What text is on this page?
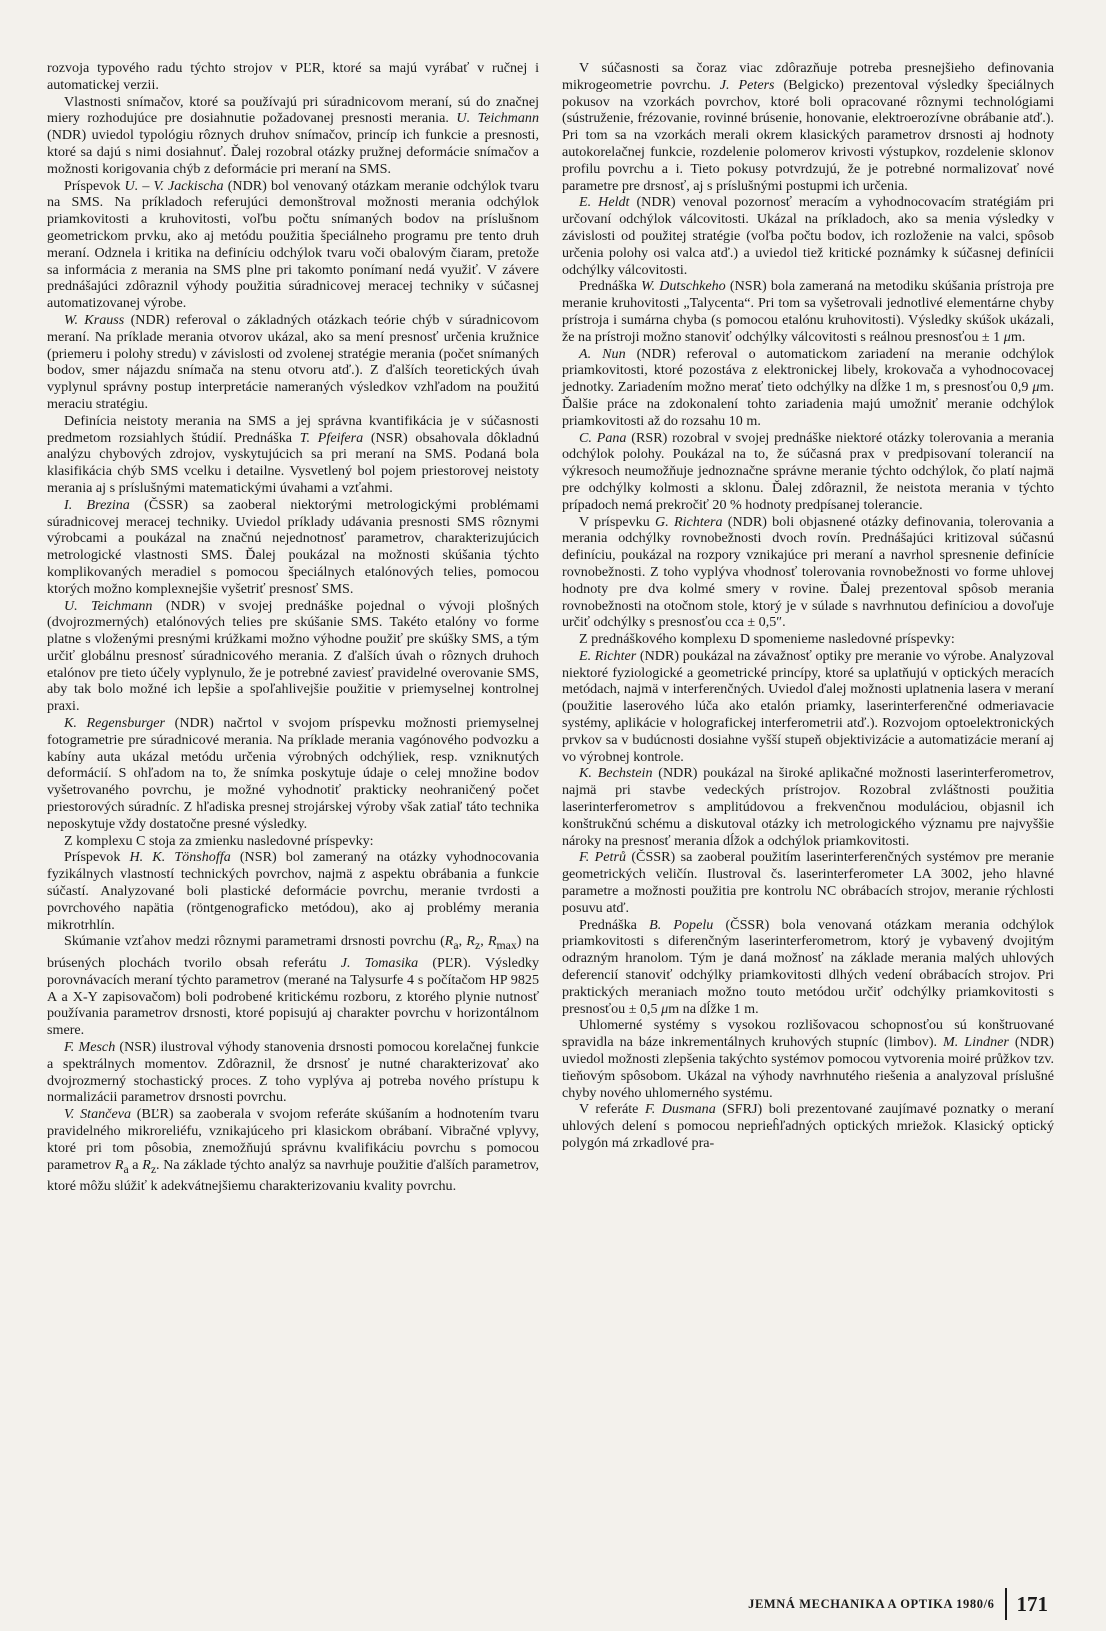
rozvoja typového radu týchto strojov v PĽR, ktoré sa majú vyrábať v ručnej i automatickej verzii.

Vlastnosti snímačov, ktoré sa používajú pri súradnicovom meraní, sú do značnej miery rozhodujúce pre dosiahnutie požadovanej presnosti merania. U. Teichmann (NDR) uviedol typológiu rôznych druhov snímačov, princíp ich funkcie a presnosti, ktoré sa dajú s nimi dosiahnuť. Ďalej rozobral otázky pružnej deformácie snímačov a možnosti korigovania chýb z deformácie pri meraní na SMS.

Príspevok U. – V. Jackischa (NDR) bol venovaný otázkam meranie odchýlok tvaru na SMS. Na príkladoch referujúci demonštroval možnosti merania odchýlok priamkovitosti a kruhovitosti, voľbu počtu snímaných bodov na príslušnom geometrickom prvku, ako aj metódu použitia špeciálneho programu pre tento druh meraní. Odznela i kritika na definíciu odchýlok tvaru voči obalovým čiaram, pretože sa informácia z merania na SMS plne pri takomto ponímaní nedá využiť. V závere prednášajúci zdôraznil výhody použitia súradnicovej meracej techniky v súčasnej automatizovanej výrobe.

W. Krauss (NDR) referoval o základných otázkach teórie chýb v súradnicovom meraní. Na príklade merania otvorov ukázal, ako sa mení presnosť určenia kružnice (priemeru i polohy stredu) v závislosti od zvolenej stratégie merania (počet snímaných bodov, smer nájazdu snímača na stenu otvoru atď.). Z ďalších teoretických úvah vyplynul správny postup interpretácie nameraných výsledkov vzhľadom na použitú meraciu stratégiu.

Definícia neistoty merania na SMS a jej správna kvantifikácia je v súčasnosti predmetom rozsiahlych štúdií. Prednáška T. Pfeifera (NSR) obsahovala dôkladnú analýzu chybových zdrojov, vyskytujúcich sa pri meraní na SMS. Podaná bola klasifikácia chýb SMS vcelku i detailne. Vysvetlený bol pojem priestorovej neistoty merania aj s príslušnými matematickými úvahami a vzťahmi.

I. Brezina (ČSSR) sa zaoberal niektorými metrologickými problémami súradnicovej meracej techniky. Uviedol príklady udávania presnosti SMS rôznymi výrobcami a poukázal na značnú nejednotnosť parametrov, charakterizujúcich metrologické vlastnosti SMS. Ďalej poukázal na možnosti skúšania týchto komplikovaných meradiel s pomocou špeciálnych etalónových telies, pomocou ktorých možno komplexnejšie vyšetriť presnosť SMS.

U. Teichmann (NDR) v svojej prednáške pojednal o vývoji plošných (dvojrozmerných) etalónových telies pre skúšanie SMS. Takéto etalóny vo forme platne s vloženými presnými krúžkami možno výhodne použiť pre skúšky SMS, a tým určiť globálnu presnosť súradnicového merania. Z ďalších úvah o rôznych druhoch etalónov pre tieto účely vyplynulo, že je potrebné zaviesť pravidelné overovanie SMS, aby tak bolo možné ich lepšie a spoľahlivejšie použitie v priemyselnej kontrolnej praxi.

K. Regensburger (NDR) načrtol v svojom príspevku možnosti priemyselnej fotogrametrie pre súradnicové merania. Na príklade merania vagónového podvozku a kabíny auta ukázal metódu určenia výrobných odchýliek, resp. vzniknutých deformácií. S ohľadom na to, že snímka poskytuje údaje o celej množine bodov vyšetrovaného povrchu, je možné vyhodnotiť prakticky neohraničený počet priestorových súradníc. Z hľadiska presnej strojárskej výroby však zatiaľ táto technika neposkytuje vždy dostatočne presné výsledky.

Z komplexu C stoja za zmienku nasledovné príspevky:

Príspevok H. K. Tönshoffa (NSR) bol zameraný na otázky vyhodnocovania fyzikálnych vlastností technických povrchov, najmä z aspektu obrábania a funkcie súčastí. Analyzované boli plastické deformácie povrchu, meranie tvrdosti a povrchového napätia (röntgenograficko metódou), ako aj problémy merania mikrotrhlín.

Skúmanie vzťahov medzi rôznymi parametrami drsnosti povrchu ($R_a$, $R_z$, $R_{max}$) na brúsených plochách tvorilo obsah referátu J. Tomasika (PĽR). Výsledky porovnávacích meraní týchto parametrov (merané na Talysurfe 4 s počítačom HP 9825 A a X-Y zapisovačom) boli podrobené kritickému rozboru, z ktorého plynie nutnosť používania parametrov drsnosti, ktoré popisujú aj charakter povrchu v horizontálnom smere.

F. Mesch (NSR) ilustroval výhody stanovenia drsnosti pomocou korelačnej funkcie a spektrálnych momentov. Zdôraznil, že drsnosť je nutné charakterizovať ako dvojrozmerný stochastický proces. Z toho vyplýva aj potreba nového prístupu k normalizácii parametrov drsnosti povrchu.

V. Stančeva (BĽR) sa zaoberala v svojom referáte skúšaním a hodnotením tvaru pravidelného mikroreliéfu, vznikajúceho pri klasickom obrábaní. Vibračné vplyvy, ktoré pri tom pôsobia, znemožňujú správnu kvalifikáciu povrchu s pomocou parametrov $R_a$ a $R_z$. Na základe týchto analýz sa navrhuje použitie ďalších parametrov, ktoré môžu slúžiť k adekvátnejšiemu charakterizovaniu kvality povrchu.

V súčasnosti sa čoraz viac zdôrazňuje potreba presnejšieho definovania mikrogeometrie povrchu. J. Peters (Belgicko) prezentoval výsledky špeciálnych pokusov na vzorkách povrchov, ktoré boli opracované rôznymi technológiami (sústruženie, frézovanie, rovinné brúsenie, honovanie, elektroerozívne obrábanie atď.). Pri tom sa na vzorkách merali okrem klasických parametrov drsnosti aj hodnoty autokorelačnej funkcie, rozdelenie polomerov krivosti výstupkov, rozdelenie sklonov profilu povrchu a i. Tieto pokusy potvrdzujú, že je potrebné normalizovať nové parametre pre drsnosť, aj s príslušnými postupmi ich určenia.

E. Heldt (NDR) venoval pozornosť meracím a vyhodnocovacím stratégiám pri určovaní odchýlok válcovitosti. Ukázal na príkladoch, ako sa menia výsledky v závislosti od použitej stratégie (voľba počtu bodov, ich rozloženie na valci, spôsob určenia polohy osi valca atď.) a uviedol tiež kritické poznámky k súčasnej definícii odchýlky válcovitosti.

Prednáška W. Dutschkeho (NSR) bola zameraná na metodiku skúšania prístroja pre meranie kruhovitosti „Talycenta“. Pri tom sa vyšetrovali jednotlivé elementárne chyby prístroja i sumárna chyba (s pomocou etalónu kruhovitosti). Výsledky skúšok ukázali, že na prístroji možno stanoviť odchýlky válcovitosti s reálnou presnosťou ± 1 μm.

A. Nun (NDR) referoval o automatickom zariadení na meranie odchýlok priamkovitosti, ktoré pozostáva z elektronickej libely, krokovača a vyhodnocovacej jednotky. Zariadením možno merať tieto odchýlky na dĺžke 1 m, s presnosťou 0,9 μm. Ďalšie práce na zdokonalení tohto zariadenia majú umožniť meranie odchýlok priamkovitosti až do rozsahu 10 m.

C. Pana (RSR) rozobral v svojej prednáške niektoré otázky tolerovania a merania odchýlok polohy. Poukázal na to, že súčasná prax v predpisovaní tolerancií na výkresoch neumožňuje jednoznačne správne meranie týchto odchýlok, čo platí najmä pre odchýlky kolmosti a sklonu. Ďalej zdôraznil, že neistota merania v týchto prípadoch nemá prekročiť 20 % hodnoty predpísanej tolerancie.

V príspevku G. Richtera (NDR) boli objasnené otázky definovania, tolerovania a merania odchýlky rovnobežnosti dvoch rovín. Prednášajúci kritizoval súčasnú definíciu, poukázal na rozpory vznikajúce pri meraní a navrhol spresnenie definície rovnobežnosti. Z toho vyplýva vhodnosť tolerovania rovnobežnosti vo forme uhlovej hodnoty pre dva kolmé smery v rovine. Ďalej prezentoval spôsob merania rovnobežnosti na otočnom stole, ktorý je v súlade s navrhnutou definíciou a dovoľuje určiť odchýlky s presnosťou cca ± 0,5″.

Z prednáškového komplexu D spomenieme nasledovné príspevky:

E. Richter (NDR) poukázal na závažnosť optiky pre meranie vo výrobe. Analyzoval niektoré fyziologické a geometrické princípy, ktoré sa uplatňujú v optických meracích metódach, najmä v interferenčných. Uviedol ďalej možnosti uplatnenia lasera v meraní (použitie laserového lúča ako etalón priamky, laserinterferenčné odmeriavacie systémy, aplikácie v holografickej interferometrii atď.). Rozvojom optoelektronických prvkov sa v budúcnosti dosiahne vyšší stupeň objektivizácie a automatizácie meraní aj vo výrobnej kontrole.

K. Bechstein (NDR) poukázal na široké aplikačné možnosti laserinterferometrov, najmä pri stavbe vedeckých prístrojov. Rozobral zvláštnosti použitia laserinterferometrov s amplitúdovou a frekvenčnou moduláciou, objasnil ich konštrukčnú schému a diskutoval otázky ich metrologického významu pre najvyššie nároky na presnosť merania dĺžok a odchýlok priamkovitosti.

F. Petrů (ČSSR) sa zaoberal použitím laserinterferenčných systémov pre meranie geometrických veličín. Ilustroval čs. laserinterferometer LA 3002, jeho hlavné parametre a možnosti použitia pre kontrolu NC obrábacích strojov, meranie rýchlosti posuvu atď.

Prednáška B. Popelu (ČSSR) bola venovaná otázkam merania odchýlok priamkovitosti s diferenčným laserinterferometrom, ktorý je vybavený dvojitým odrazným hranolom. Tým je daná možnosť na základe merania malých uhlových deferencií stanoviť odchýlky priamkovitosti dlhých vedení obrábacích strojov. Pri praktických meraniach možno touto metódou určiť odchýlky priamkovitosti s presnosťou ± 0,5 μm na dĺžke 1 m.

Uhlomerné systémy s vysokou rozlišovacou schopnosťou sú konštruované spravidla na báze inkrementálnych kruhových stupníc (limbov). M. Lindner (NDR) uviedol možnosti zlepšenia takýchto systémov pomocou vytvorenia moiré průžkov tzv. tieňovým spôsobom. Ukázal na výhody navrhnutého riešenia a analyzoval príslušné chyby nového uhlomerného systému.

V referáte F. Dusmana (SFRJ) boli prezentované zaujímavé poznatky o meraní uhlových delení s pomocou neprieĥľadných optických mriežok. Klasický optický polygón má zrkadlové pra-

JEMNÁ MECHANIKA A OPTIKA 1980/6	171
